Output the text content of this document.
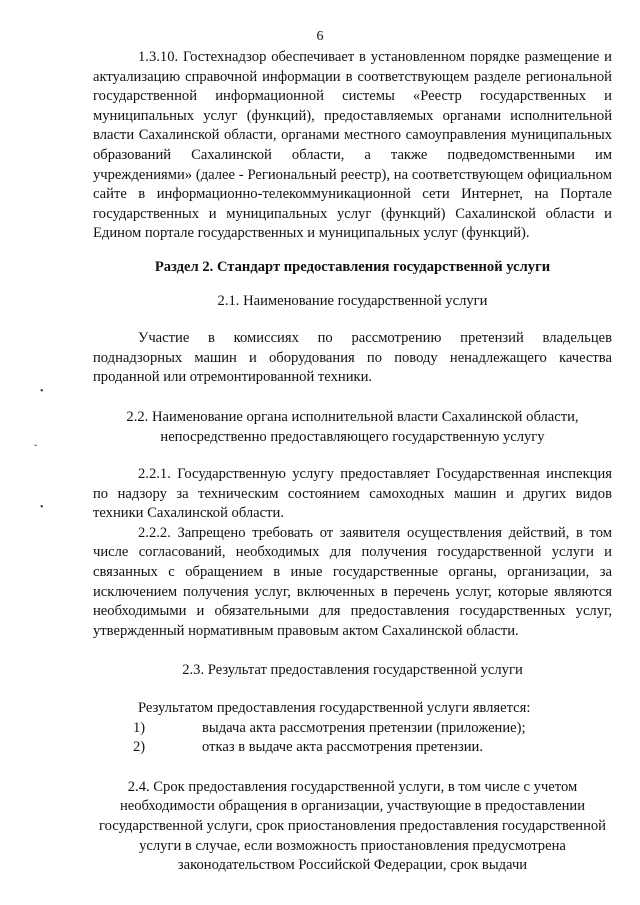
6
•
ˇ
•

1.3.10. Гостехнадзор обеспечивает в установленном порядке размещение и актуализацию справочной информации в соответствующем разделе региональной государственной информационной системы «Реестр государственных и муниципальных услуг (функций), предоставляемых органами исполнительной власти Сахалинской области, органами местного самоуправления муниципальных образований Сахалинской области, а также подведомственными им учреждениями» (далее - Региональный реестр), на соответствующем официальном сайте в информационно-телекоммуникационной сети Интернет, на Портале государственных и муниципальных услуг (функций) Сахалинской области и Едином портале государственных и муниципальных услуг (функций).

Раздел 2. Стандарт предоставления государственной услуги

2.1. Наименование государственной услуги

Участие в комиссиях по рассмотрению претензий владельцев поднадзорных машин и оборудования по поводу ненадлежащего качества проданной или отремонтированной техники.

2.2. Наименование органа исполнительной власти Сахалинской области, непосредственно предоставляющего государственную услугу

2.2.1. Государственную услугу предоставляет Государственная инспекция по надзору за техническим состоянием самоходных машин и других видов техники Сахалинской области.

2.2.2. Запрещено требовать от заявителя осуществления действий, в том числе согласований, необходимых для получения государственной услуги и связанных с обращением в иные государственные органы, организации, за исключением получения услуг, включенных в перечень услуг, которые являются необходимыми и обязательными для предоставления государственных услуг, утвержденный нормативным правовым актом Сахалинской области.

2.3. Результат предоставления государственной услуги

Результатом предоставления государственной услуги является:

1)	выдача акта рассмотрения претензии (приложение);
2)	отказ в выдаче акта рассмотрения претензии.

2.4. Срок предоставления государственной услуги, в том числе с учетом необходимости обращения в организации, участвующие в предоставлении государственной услуги, срок приостановления предоставления государственной услуги в случае, если возможность приостановления предусмотрена законодательством Российской Федерации, срок выдачи
